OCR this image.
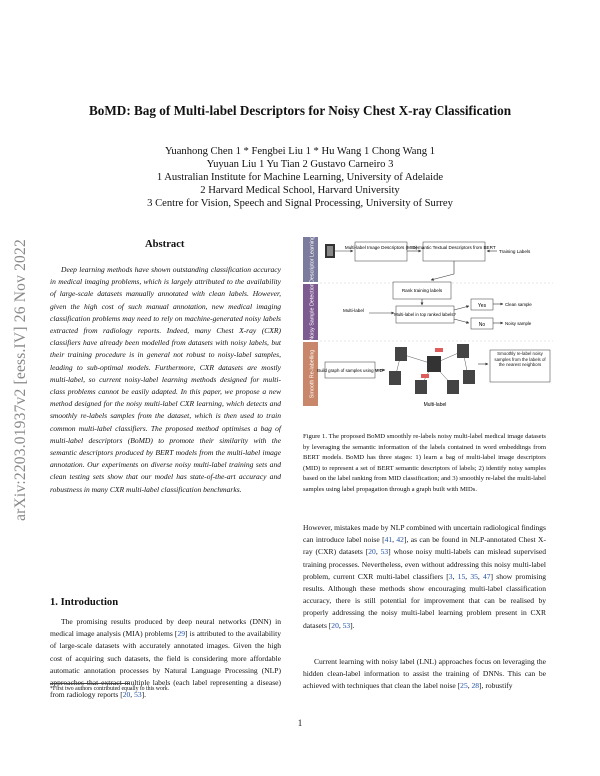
BoMD: Bag of Multi-label Descriptors for Noisy Chest X-ray Classification
Yuanhong Chen 1 * Fengbei Liu 1 * Hu Wang 1 Chong Wang 1
Yuyuan Liu 1 Yu Tian 2 Gustavo Carneiro 3
1 Australian Institute for Machine Learning, University of Adelaide
2 Harvard Medical School, Harvard University
3 Centre for Vision, Speech and Signal Processing, University of Surrey
arXiv:2203.01937v2 [eess.IV] 26 Nov 2022	Abstract
Deep learning methods have shown outstanding classification accuracy in medical imaging problems, which is largely attributed to the availability of large-scale datasets manually annotated with clean labels. However, given the high cost of such manual annotation, new medical imaging classification problems may need to rely on machine-generated noisy labels extracted from radiology reports. Indeed, many Chest X-ray (CXR) classifiers have already been modelled from datasets with noisy labels, but their training procedure is in general not robust to noisy-label samples, leading to sub-optimal models. Furthermore, CXR datasets are mostly multi-label, so current noisy-label learning methods designed for multi-class problems cannot be easily adapted. In this paper, we propose a new method designed for the noisy multi-label CXR learning, which detects and smoothly re-labels samples from the dataset, which is then used to train common multi-label classifiers. The proposed method optimises a bag of multi-label descriptors (BoMD) to promote their similarity with the semantic descriptors produced by BERT models from the multi-label image annotation. Our experiments on diverse noisy multi-label training sets and clean testing sets show that our model has state-of-the-art accuracy and robustness in many CXR multi-label classification benchmarks.
1. Introduction
The promising results produced by deep neural networks (DNN) in medical image analysis (MIA) problems [29] is attributed to the availability of large-scale datasets with accurately annotated images. Given the high cost of acquiring such datasets, the field is considering more affordable automatic annotation processes by Natural Language Processing (NLP) approaches that extract multiple labels (each label representing a disease) from radiology reports [20, 53].
*First two authors contributed equally to this work.
Descriptor Learning
Noisy Sample Detection
Smooth Re-labelling
Multi-label Image Descriptors (MID)
Semantic Textual Descriptors from BERT
Training Labels
Rank training labels
Multi-label
Multi-label in top ranked labels?
Yes
No
Clean sample
Noisy sample
Build graph of samples using MID
Multi-label
Smoothly re-label noisy samples from the labels of the nearest neighbors
Figure 1. The proposed BoMD smoothly re-labels noisy multi-label medical image datasets by leveraging the semantic information of the labels contained in word embeddings from BERT models. BoMD has three stages: 1) learn a bag of multi-label image descriptors (MID) to represent a set of BERT semantic descriptors of labels; 2) identify noisy samples based on the label ranking from MID classification; and 3) smoothly re-label the multi-label samples using label propagation through a graph built with MIDs.
However, mistakes made by NLP combined with uncertain radiological findings can introduce label noise [41, 42], as can be found in NLP-annotated Chest X-ray (CXR) datasets [20, 53] whose noisy multi-labels can mislead supervised training processes. Nevertheless, even without addressing this noisy multi-label problem, current CXR multi-label classifiers [3, 15, 35, 47] show promising results. Although these methods show encouraging multi-label classification accuracy, there is still potential for improvement that can be realised by properly addressing the noisy multi-label learning problem present in CXR datasets [20, 53].
Current learning with noisy label (LNL) approaches focus on leveraging the hidden clean-label information to assist the training of DNNs. This can be achieved with techniques that clean the label noise [25, 28], robustify
1
